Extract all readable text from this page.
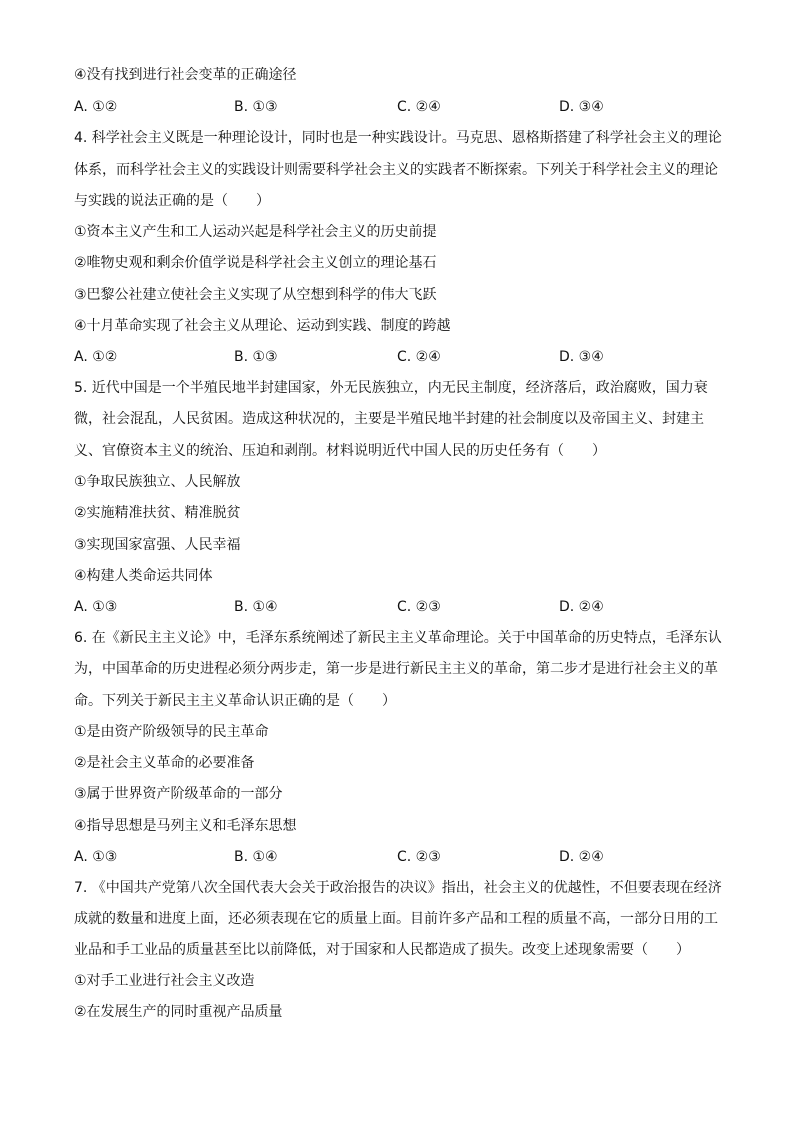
④没有找到进行社会变革的正确途径
A. ①②	B. ①③	C. ②④	D. ③④
4. 科学社会主义既是一种理论设计，同时也是一种实践设计。马克思、恩格斯搭建了科学社会主义的理论
体系，而科学社会主义的实践设计则需要科学社会主义的实践者不断探索。下列关于科学社会主义的理论
与实践的说法正确的是（　　）
①资本主义产生和工人运动兴起是科学社会主义的历史前提
②唯物史观和剩余价值学说是科学社会主义创立的理论基石
③巴黎公社建立使社会主义实现了从空想到科学的伟大飞跃
④十月革命实现了社会主义从理论、运动到实践、制度的跨越
A. ①②	B. ①③	C. ②④	D. ③④
5. 近代中国是一个半殖民地半封建国家，外无民族独立，内无民主制度，经济落后，政治腐败，国力衰
微，社会混乱，人民贫困。造成这种状况的，主要是半殖民地半封建的社会制度以及帝国主义、封建主
义、官僚资本主义的统治、压迫和剥削。材料说明近代中国人民的历史任务有（　　）
①争取民族独立、人民解放
②实施精准扶贫、精准脱贫
③实现国家富强、人民幸福
④构建人类命运共同体
A. ①③	B. ①④	C. ②③	D. ②④
6. 在《新民主主义论》中，毛泽东系统阐述了新民主主义革命理论。关于中国革命的历史特点，毛泽东认
为，中国革命的历史进程必须分两步走，第一步是进行新民主主义的革命，第二步才是进行社会主义的革
命。下列关于新民主主义革命认识正确的是（　　）
①是由资产阶级领导的民主革命
②是社会主义革命的必要准备
③属于世界资产阶级革命的一部分
④指导思想是马列主义和毛泽东思想
A. ①③	B. ①④	C. ②③	D. ②④
7. 《中国共产党第八次全国代表大会关于政治报告的决议》指出，社会主义的优越性，不但要表现在经济
成就的数量和进度上面，还必须表现在它的质量上面。目前许多产品和工程的质量不高，一部分日用的工
业品和手工业品的质量甚至比以前降低，对于国家和人民都造成了损失。改变上述现象需要（　　）
①对手工业进行社会主义改造
②在发展生产的同时重视产品质量
